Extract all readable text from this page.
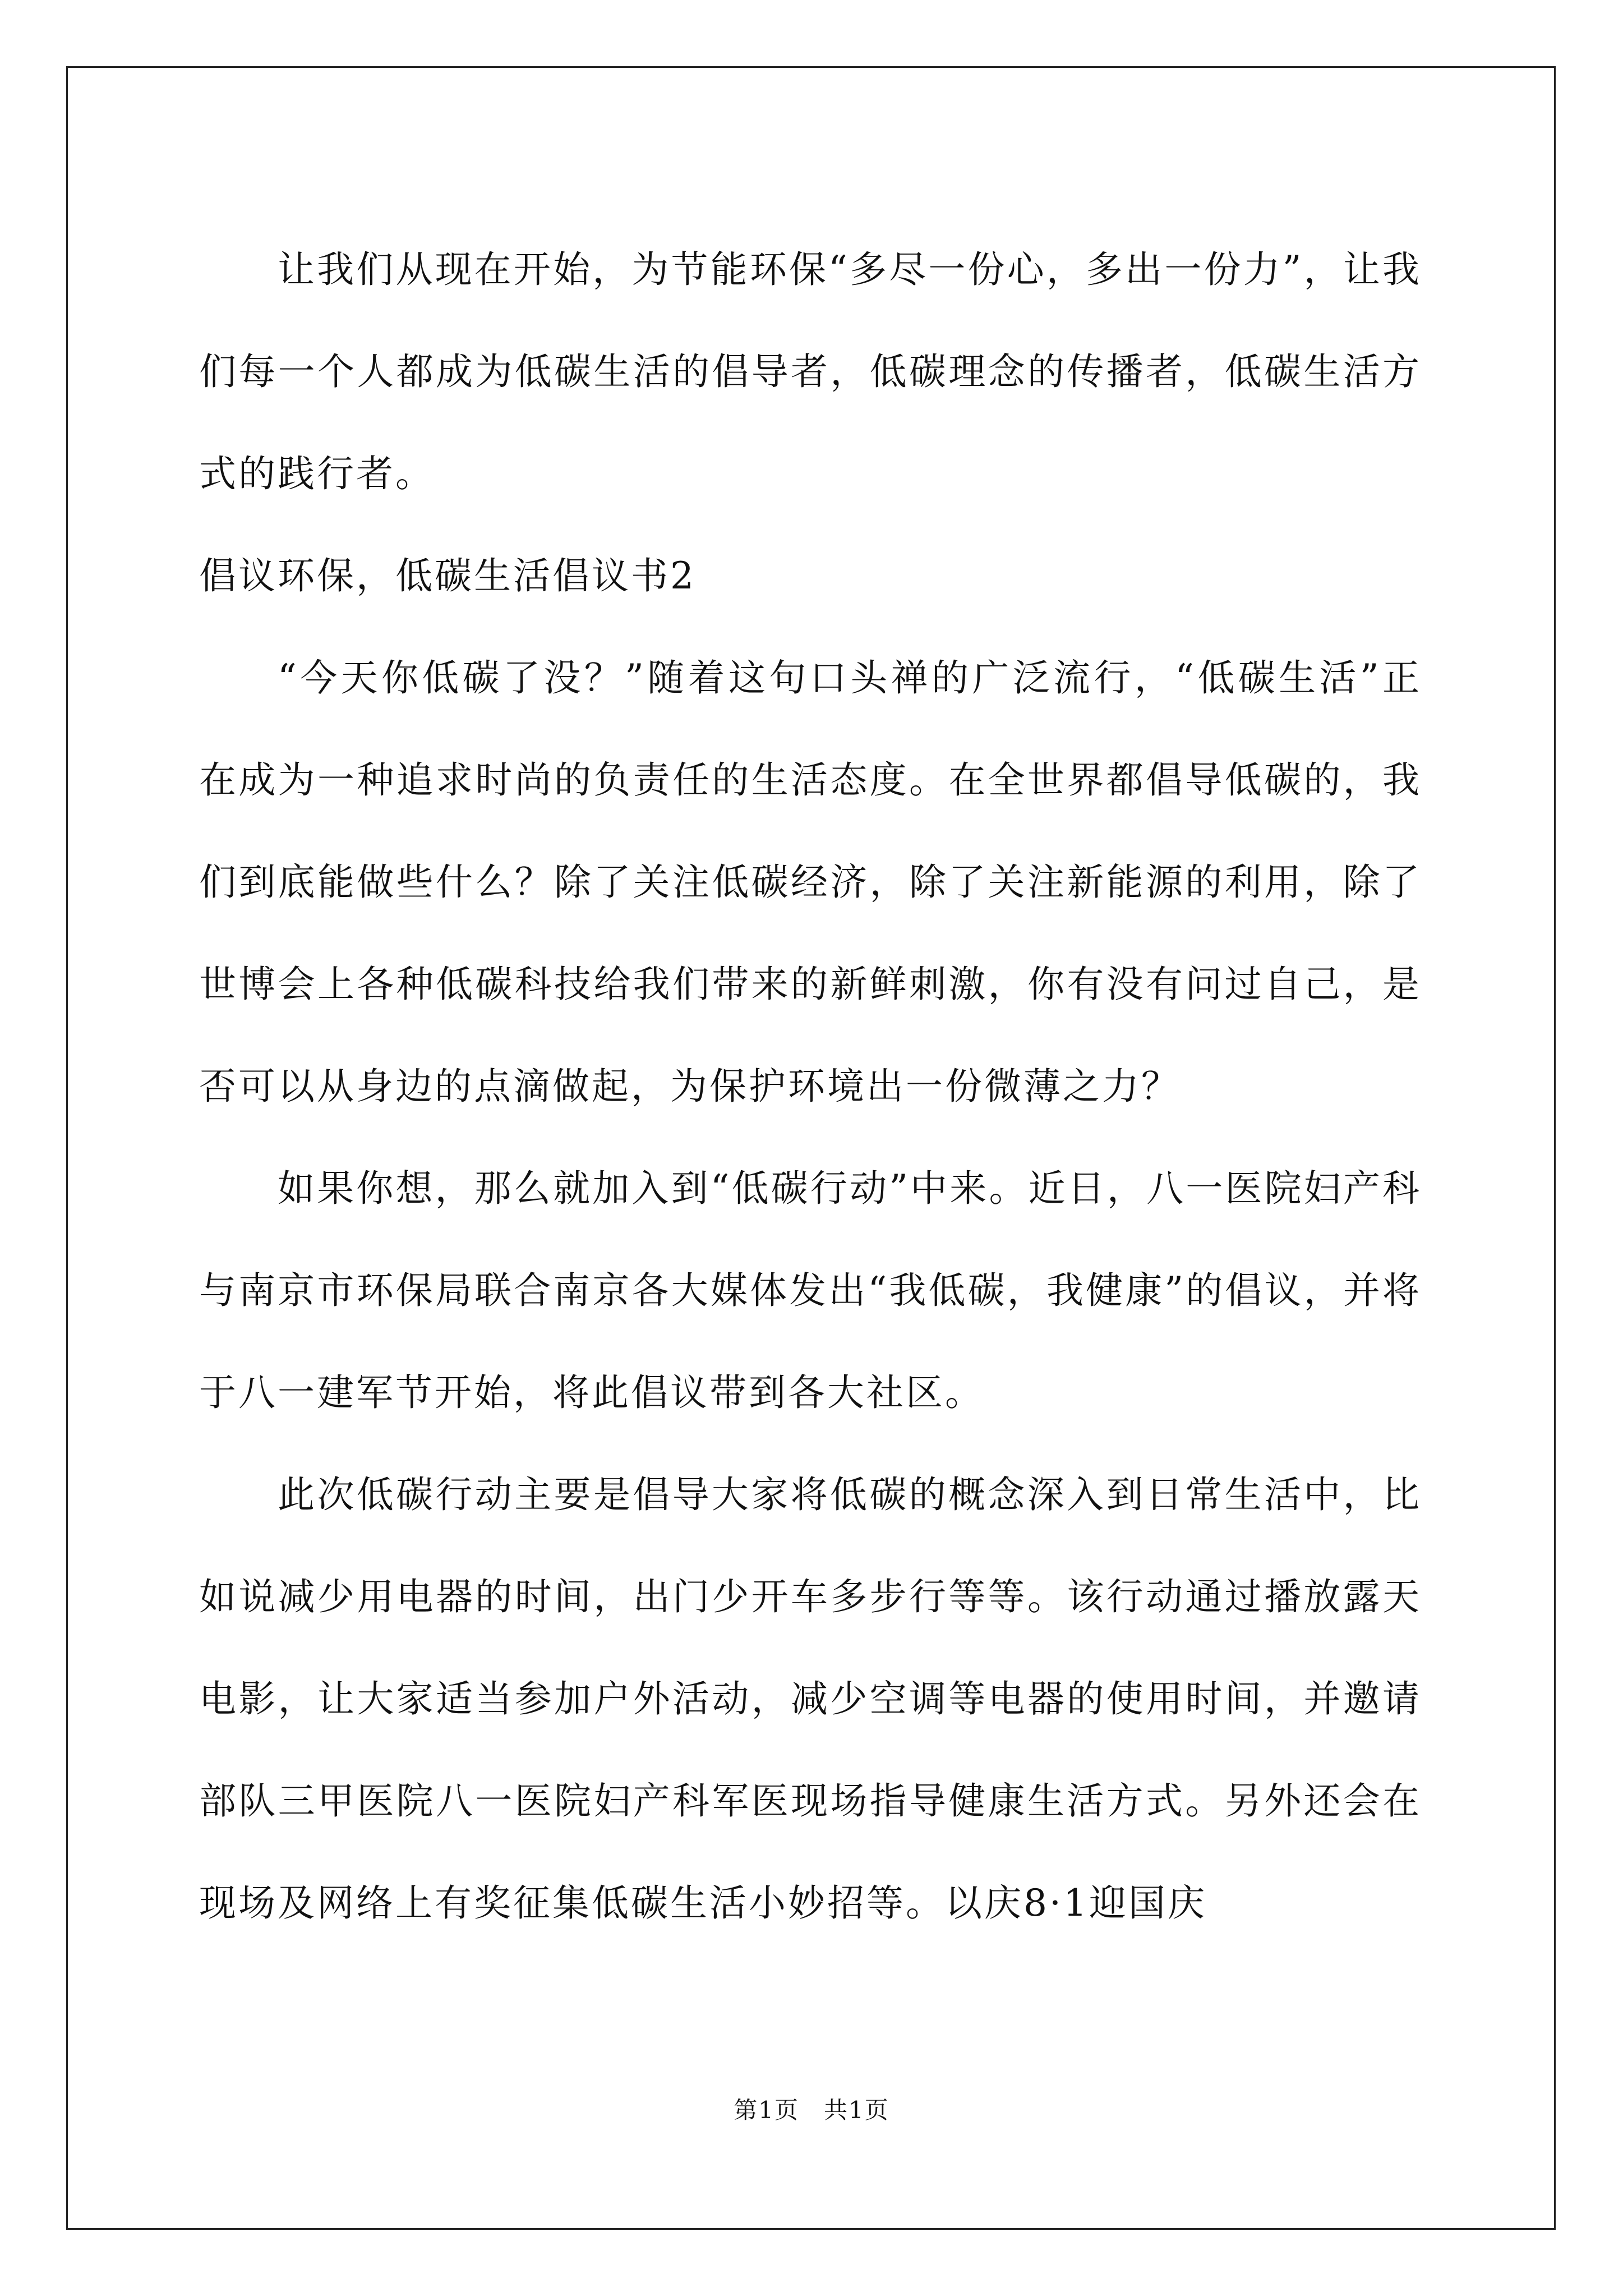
让我们从现在开始，为节能环保“多尽一份心，多出一份力”，让我们每一个人都成为低碳生活的倡导者，低碳理念的传播者，低碳生活方式的践行者。

倡议环保，低碳生活倡议书2

“今天你低碳了没？”随着这句口头禅的广泛流行，“低碳生活”正在成为一种追求时尚的负责任的生活态度。在全世界都倡导低碳的，我们到底能做些什么？除了关注低碳经济，除了关注新能源的利用，除了世博会上各种低碳科技给我们带来的新鲜刺激，你有没有问过自己，是否可以从身边的点滴做起，为保护环境出一份微薄之力？

如果你想，那么就加入到“低碳行动”中来。近日，八一医院妇产科与南京市环保局联合南京各大媒体发出“我低碳，我健康”的倡议，并将于八一建军节开始，将此倡议带到各大社区。

此次低碳行动主要是倡导大家将低碳的概念深入到日常生活中，比如说减少用电器的时间，出门少开车多步行等等。该行动通过播放露天电影，让大家适当参加户外活动，减少空调等电器的使用时间，并邀请部队三甲医院八一医院妇产科军医现场指导健康生活方式。另外还会在现场及网络上有奖征集低碳生活小妙招等。以庆8·1迎国庆

第1页　共1页
